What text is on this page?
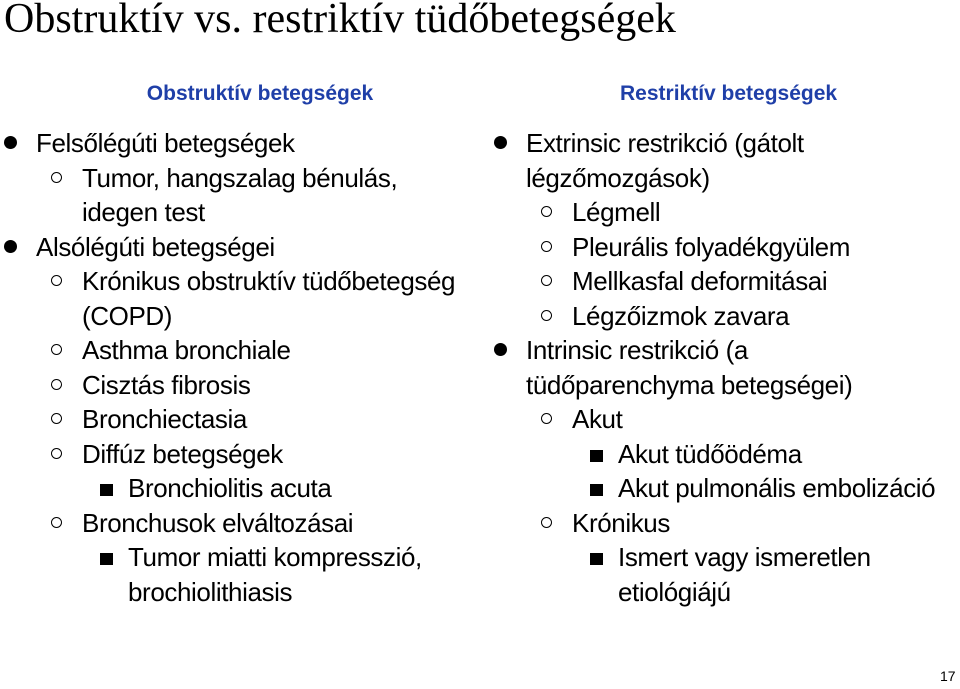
Obstruktív vs. restriktív tüdőbetegségek
Obstruktív betegségek
Felsőlégúti betegségek
Tumor, hangszalag bénulás,
idegen test
Alsólégúti betegségei
Krónikus obstruktív tüdőbetegség
(COPD)
Asthma bronchiale
Cisztás fibrosis
Bronchiectasia
Diffúz betegségek
Bronchiolitis acuta
Bronchusok elváltozásai
Tumor miatti kompresszió,
brochiolithiasis
Restriktív betegségek
Extrinsic restrikció (gátolt
légzőmozgások)
Légmell
Pleurális folyadékgyülem
Mellkasfal deformitásai
Légzőizmok zavara
Intrinsic restrikció (a
tüdőparenchyma betegségei)
Akut
Akut tüdőödéma
Akut pulmonális embolizáció
Krónikus
Ismert vagy ismeretlen
etiológiájú
17
